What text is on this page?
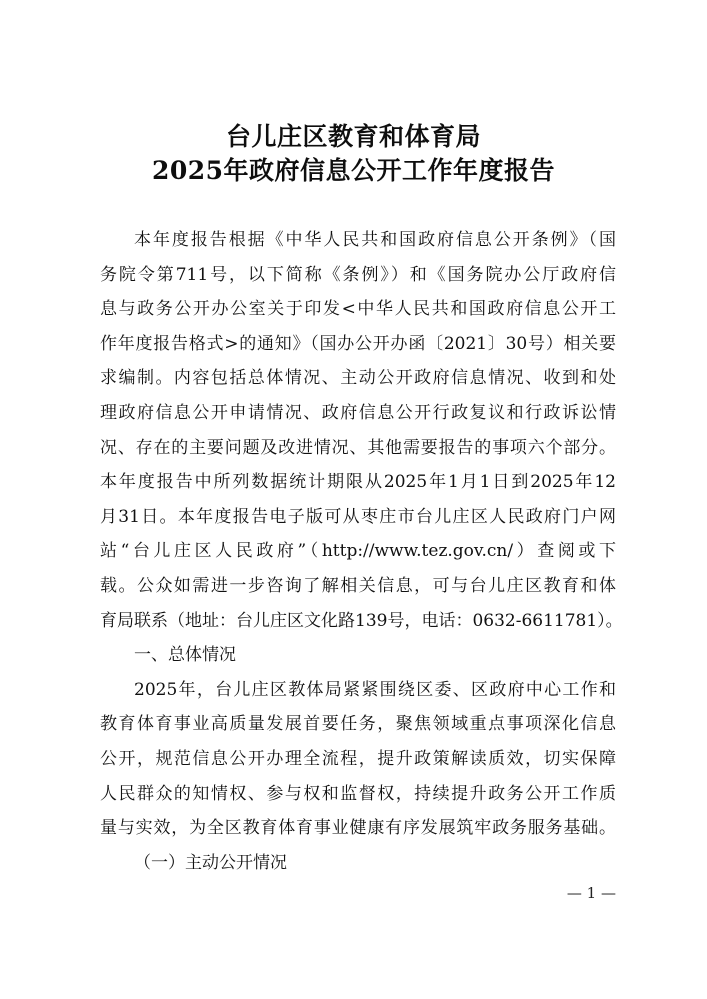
台儿庄区教育和体育局
2025年政府信息公开工作年度报告
本年度报告根据《中华人民共和国政府信息公开条例》（国
务院令第711号，以下简称《条例》）和《国务院办公厅政府信
息与政务公开办公室关于印发<中华人民共和国政府信息公开工
作年度报告格式>的通知》（国办公开办函〔2021〕30号）相关要
求编制。内容包括总体情况、主动公开政府信息情况、收到和处
理政府信息公开申请情况、政府信息公开行政复议和行政诉讼情
况、存在的主要问题及改进情况、其他需要报告的事项六个部分。
本年度报告中所列数据统计期限从2025年1月1日到2025年12
月31日。本年度报告电子版可从枣庄市台儿庄区人民政府门户网
站“台儿庄区人民政府”（http://www.tez.gov.cn/）查阅或下
载。公众如需进一步咨询了解相关信息，可与台儿庄区教育和体
育局联系（地址：台儿庄区文化路139号，电话：0632-6611781）。
一、总体情况
2025年，台儿庄区教体局紧紧围绕区委、区政府中心工作和
教育体育事业高质量发展首要任务，聚焦领域重点事项深化信息
公开，规范信息公开办理全流程，提升政策解读质效，切实保障
人民群众的知情权、参与权和监督权，持续提升政务公开工作质
量与实效，为全区教育体育事业健康有序发展筑牢政务服务基础。
（一）主动公开情况
— 1 —
